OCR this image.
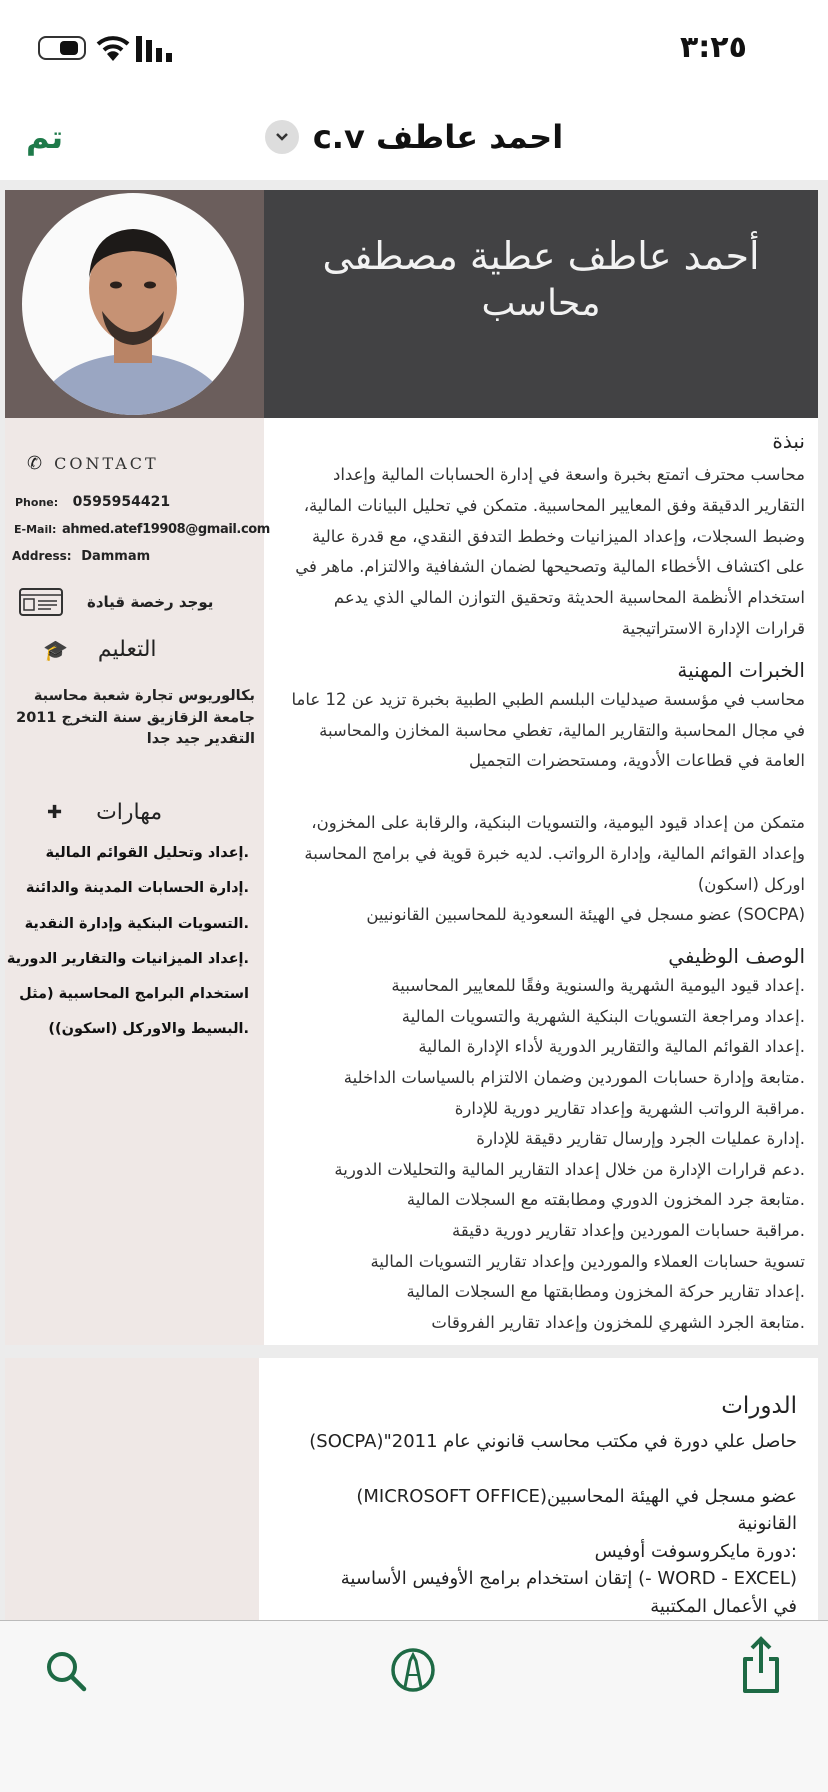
٣:٢٥
تم	احمد عاطف c.v
أحمد عاطف عطية مصطفى
محاسب
✆ CONTACT
Phone: 0595954421
E-Mail: ahmed.atef19908@gmail.com
Address: Dammam
يوجد رخصة قيادة
🎓 التعليم
بكالوريوس تجارة شعبة محاسبة
جامعة الزقازيق سنة التخرج 2011
التقدير جيد جدا
✚ مهارات
.إعداد وتحليل القوائم المالية
.إدارة الحسابات المدينة والدائنة
.التسويات البنكية وإدارة النقدية
.إعداد الميزانيات والتقارير الدورية
استخدام البرامج المحاسبية (مثل
.البسيط والاوركل (اسكون))
نبذة
محاسب محترف اتمتع بخبرة واسعة في إدارة الحسابات المالية وإعداد
التقارير الدقيقة وفق المعايير المحاسبية. متمكن في تحليل البيانات المالية،
وضبط السجلات، وإعداد الميزانيات وخطط التدفق النقدي، مع قدرة عالية
على اكتشاف الأخطاء المالية وتصحيحها لضمان الشفافية والالتزام. ماهر في
استخدام الأنظمة المحاسبية الحديثة وتحقيق التوازن المالي الذي يدعم
قرارات الإدارة الاستراتيجية
الخبرات المهنية
محاسب في مؤسسة صيدليات البلسم الطبي الطبية بخبرة تزيد عن 12 عاما
في مجال المحاسبة والتقارير المالية، تغطي محاسبة المخازن والمحاسبة
العامة في قطاعات الأدوية، ومستحضرات التجميل
متمكن من إعداد قيود اليومية، والتسويات البنكية، والرقابة على المخزون،
وإعداد القوائم المالية، وإدارة الرواتب. لديه خبرة قوية في برامج المحاسبة
اوركل (اسكون)
(SOCPA) عضو مسجل في الهيئة السعودية للمحاسبين القانونيين
الوصف الوظيفي
.إعداد قيود اليومية الشهرية والسنوية وفقًا للمعايير المحاسبية
.إعداد ومراجعة التسويات البنكية الشهرية والتسويات المالية
.إعداد القوائم المالية والتقارير الدورية لأداء الإدارة المالية
.متابعة وإدارة حسابات الموردين وضمان الالتزام بالسياسات الداخلية
.مراقبة الرواتب الشهرية وإعداد تقارير دورية للإدارة
.إدارة عمليات الجرد وإرسال تقارير دقيقة للإدارة
.دعم قرارات الإدارة من خلال إعداد التقارير المالية والتحليلات الدورية
.متابعة جرد المخزون الدوري ومطابقته مع السجلات المالية
.مراقبة حسابات الموردين وإعداد تقارير دورية دقيقة
تسوية حسابات العملاء والموردين وإعداد تقارير التسويات المالية
.إعداد تقارير حركة المخزون ومطابقتها مع السجلات المالية
.متابعة الجرد الشهري للمخزون وإعداد تقارير الفروقات
الدورات
حاصل علي دورة في مكتب محاسب قانوني عام 2011"(SOCPA)
عضو مسجل في الهيئة المحاسبين(MICROSOFT OFFICE)
القانونية
:دورة مايكروسوفت أوفيس
(WORD - EXCEL -) إتقان استخدام برامج الأوفيس الأساسية
في الأعمال المكتبية
